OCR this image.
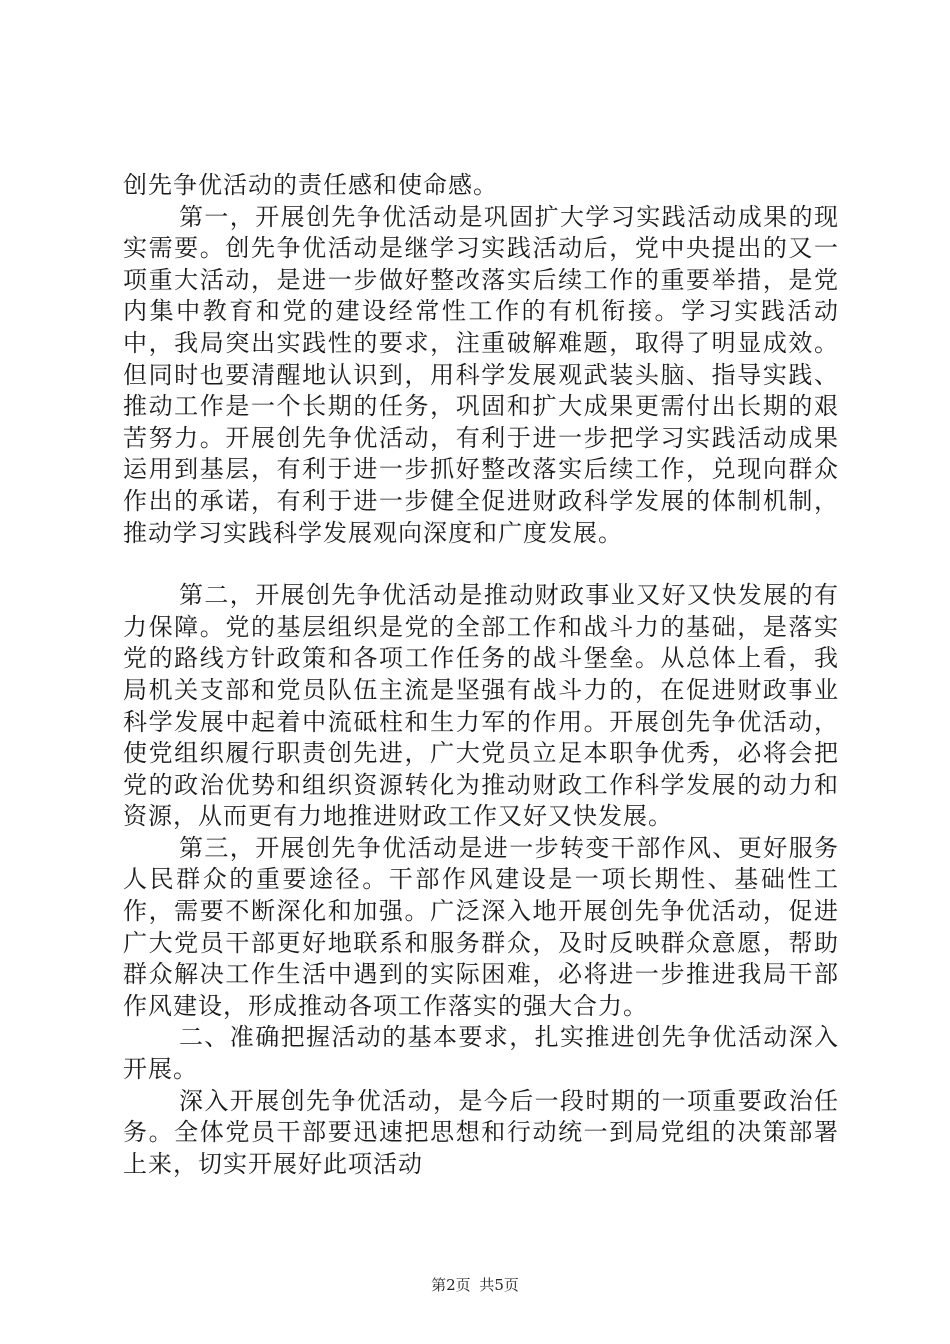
创先争优活动的责任感和使命感。

第一，开展创先争优活动是巩固扩大学习实践活动成果的现实需要。创先争优活动是继学习实践活动后，党中央提出的又一项重大活动，是进一步做好整改落实后续工作的重要举措，是党内集中教育和党的建设经常性工作的有机衔接。学习实践活动中，我局突出实践性的要求，注重破解难题，取得了明显成效。但同时也要清醒地认识到，用科学发展观武装头脑、指导实践、推动工作是一个长期的任务，巩固和扩大成果更需付出长期的艰苦努力。开展创先争优活动，有利于进一步把学习实践活动成果运用到基层，有利于进一步抓好整改落实后续工作，兑现向群众作出的承诺，有利于进一步健全促进财政科学发展的体制机制，推动学习实践科学发展观向深度和广度发展。

第二，开展创先争优活动是推动财政事业又好又快发展的有力保障。党的基层组织是党的全部工作和战斗力的基础，是落实党的路线方针政策和各项工作任务的战斗堡垒。从总体上看，我局机关支部和党员队伍主流是坚强有战斗力的，在促进财政事业科学发展中起着中流砥柱和生力军的作用。开展创先争优活动，使党组织履行职责创先进，广大党员立足本职争优秀，必将会把党的政治优势和组织资源转化为推动财政工作科学发展的动力和资源，从而更有力地推进财政工作又好又快发展。

第三，开展创先争优活动是进一步转变干部作风、更好服务人民群众的重要途径。干部作风建设是一项长期性、基础性工作，需要不断深化和加强。广泛深入地开展创先争优活动，促进广大党员干部更好地联系和服务群众，及时反映群众意愿，帮助群众解决工作生活中遇到的实际困难，必将进一步推进我局干部作风建设，形成推动各项工作落实的强大合力。

二、准确把握活动的基本要求，扎实推进创先争优活动深入开展。

深入开展创先争优活动，是今后一段时期的一项重要政治任务。全体党员干部要迅速把思想和行动统一到局党组的决策部署上来，切实开展好此项活动

第2页 共5页
